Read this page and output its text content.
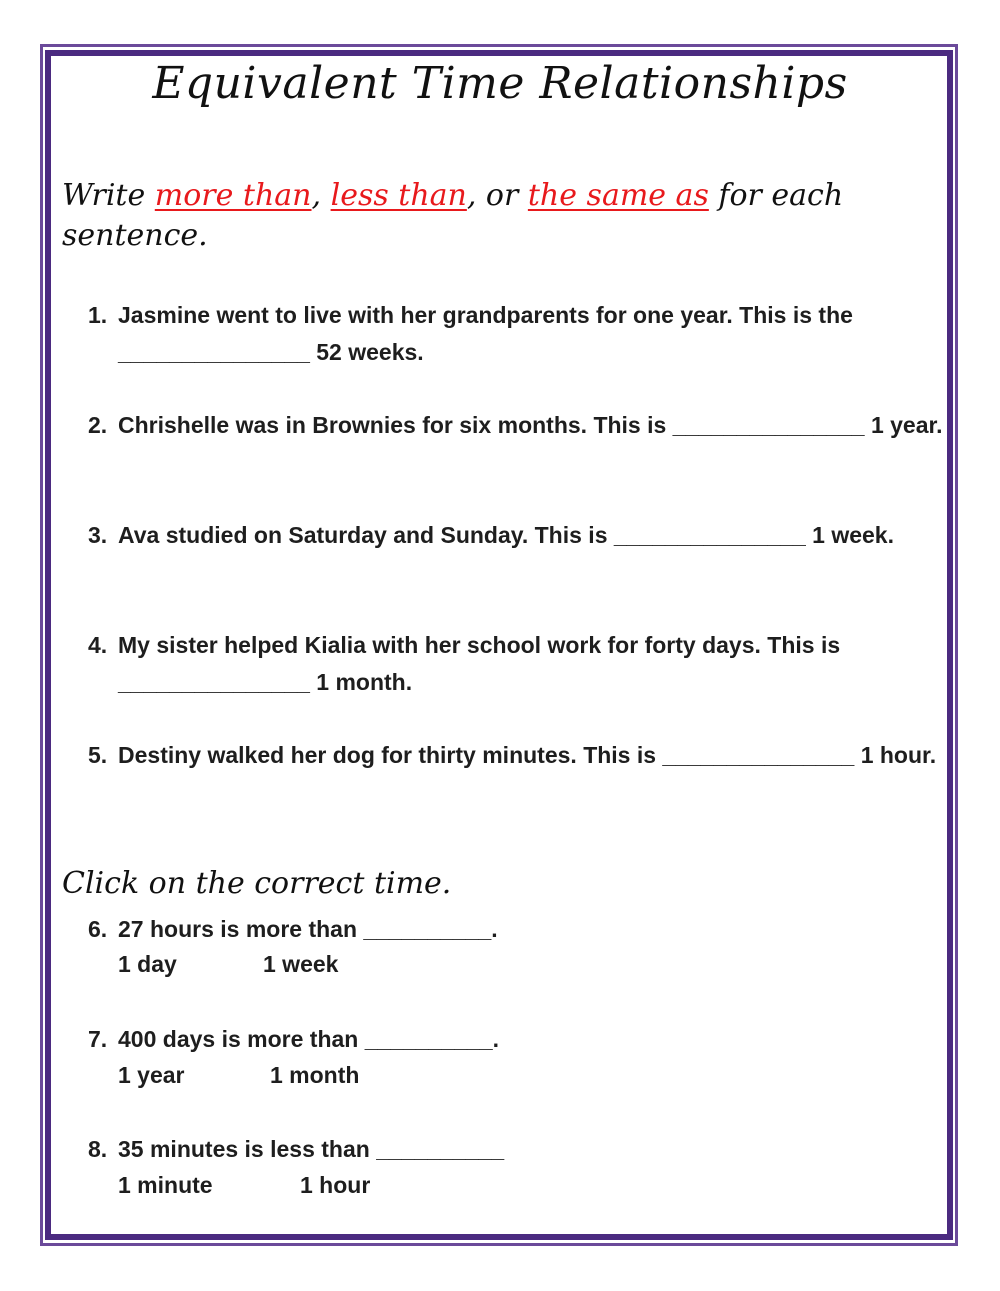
Equivalent Time Relationships
Write more than, less than, or the same as for each
sentence.
1. Jasmine went to live with her grandparents for one year. This is the _______________ 52 weeks.
2. Chrishelle was in Brownies for six months. This is _______________ 1 year.
3. Ava studied on Saturday and Sunday. This is _______________ 1 week.
4. My sister helped Kialia with her school work for forty days. This is _______________ 1 month.
5. Destiny walked her dog for thirty minutes. This is _______________ 1 hour.
Click on the correct time.
6. 27 hours is more than __________.
1 day	1 week
7. 400 days is more than __________.
1 year	1 month
8. 35 minutes is less than __________
1 minute	1 hour
